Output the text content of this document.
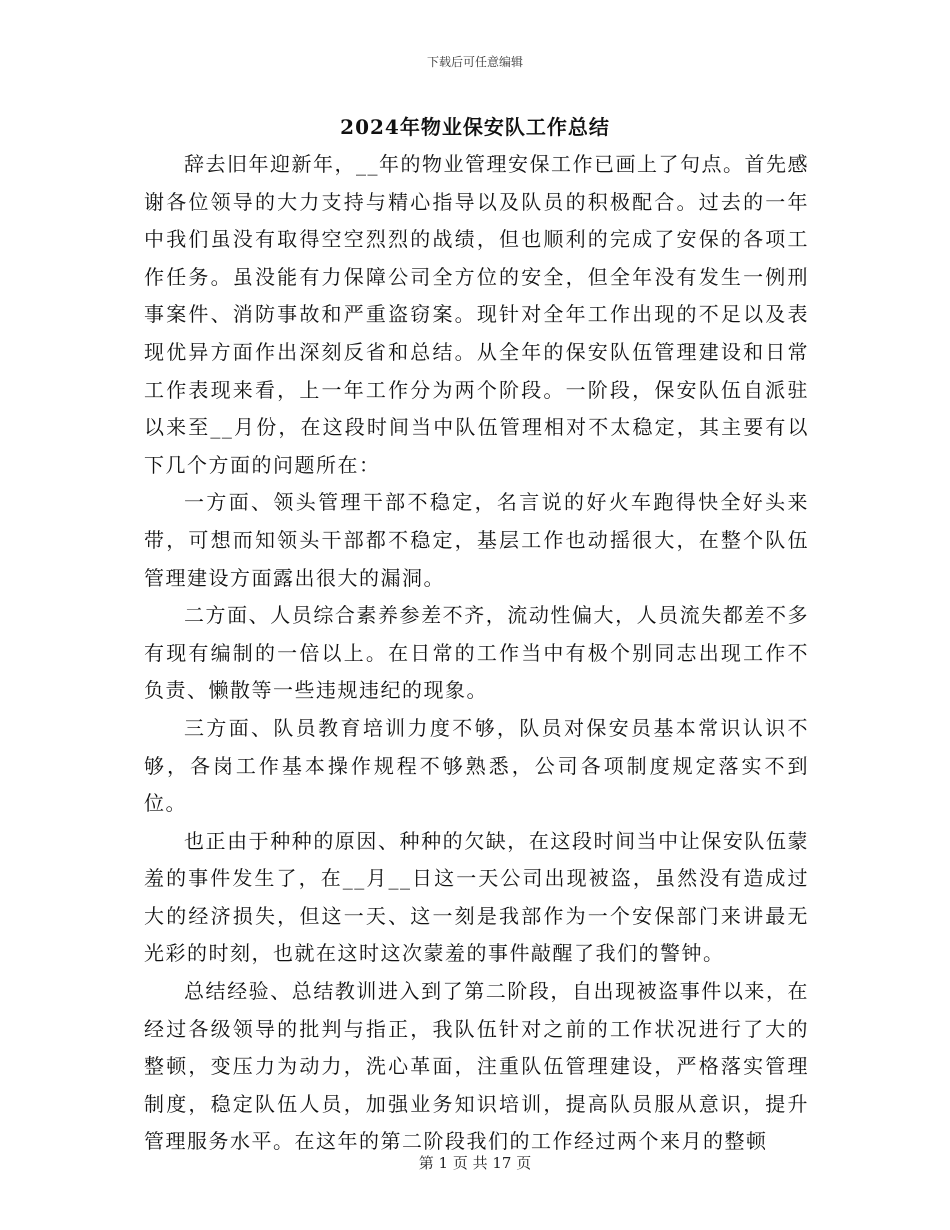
下载后可任意编辑
2024年物业保安队工作总结

辞去旧年迎新年，__年的物业管理安保工作已画上了句点。首先感谢各位领导的大力支持与精心指导以及队员的积极配合。过去的一年中我们虽没有取得空空烈烈的战绩，但也顺利的完成了安保的各项工作任务。虽没能有力保障公司全方位的安全，但全年没有发生一例刑事案件、消防事故和严重盗窃案。现针对全年工作出现的不足以及表现优异方面作出深刻反省和总结。从全年的保安队伍管理建设和日常工作表现来看，上一年工作分为两个阶段。一阶段，保安队伍自派驻以来至__月份，在这段时间当中队伍管理相对不太稳定，其主要有以下几个方面的问题所在：

一方面、领头管理干部不稳定，名言说的好火车跑得快全好头来带，可想而知领头干部都不稳定，基层工作也动摇很大，在整个队伍管理建设方面露出很大的漏洞。

二方面、人员综合素养参差不齐，流动性偏大，人员流失都差不多有现有编制的一倍以上。在日常的工作当中有极个别同志出现工作不负责、懒散等一些违规违纪的现象。

三方面、队员教育培训力度不够，队员对保安员基本常识认识不够，各岗工作基本操作规程不够熟悉，公司各项制度规定落实不到位。

也正由于种种的原因、种种的欠缺，在这段时间当中让保安队伍蒙羞的事件发生了，在__月__日这一天公司出现被盗，虽然没有造成过大的经济损失，但这一天、这一刻是我部作为一个安保部门来讲最无光彩的时刻，也就在这时这次蒙羞的事件敲醒了我们的警钟。

总结经验、总结教训进入到了第二阶段，自出现被盗事件以来，在经过各级领导的批判与指正，我队伍针对之前的工作状况进行了大的整顿，变压力为动力，洗心革面，注重队伍管理建设，严格落实管理制度，稳定队伍人员，加强业务知识培训，提高队员服从意识，提升管理服务水平。在这年的第二阶段我们的工作经过两个来月的整顿

第 1 页 共 17 页
